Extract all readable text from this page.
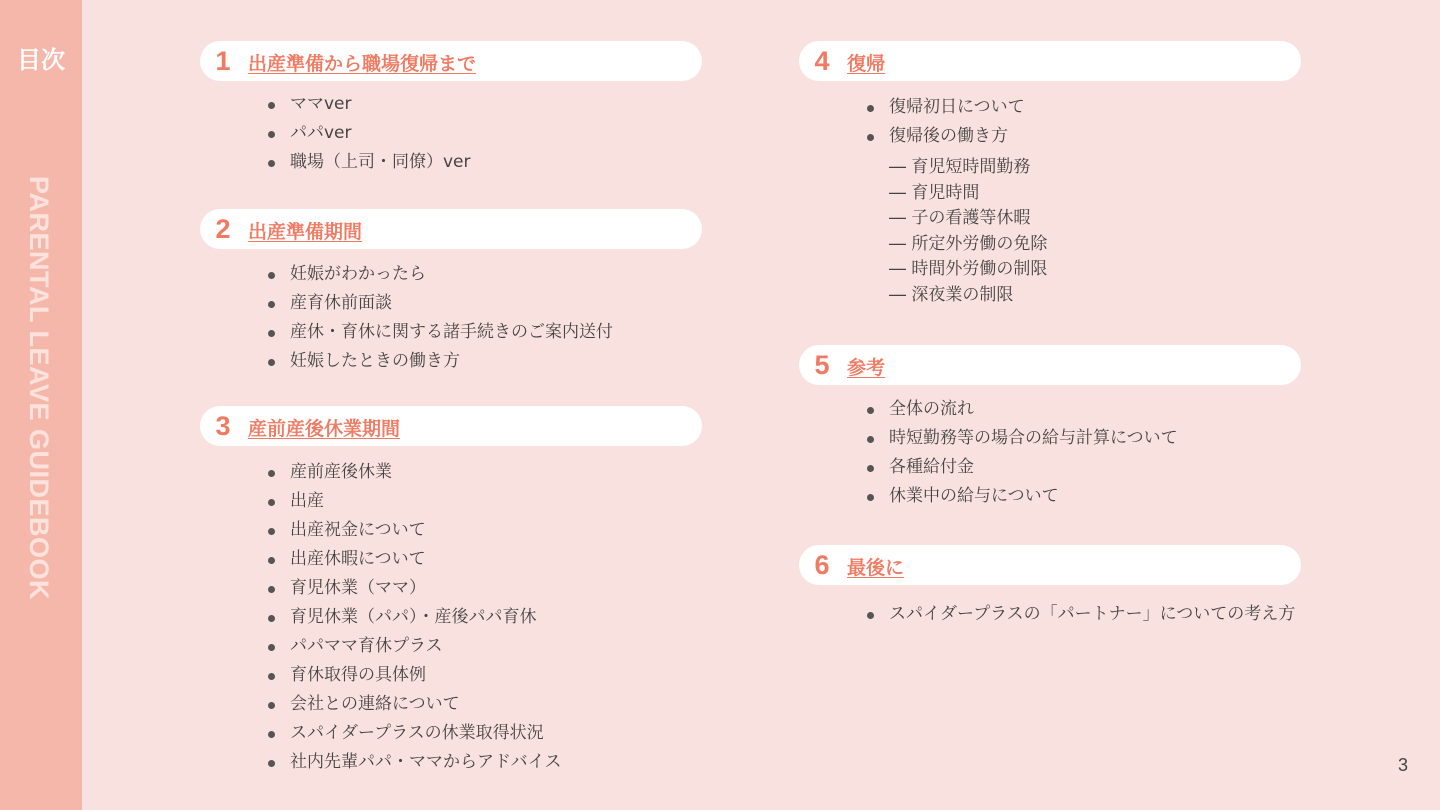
目次
PARENTAL LEAVE GUIDEBOOK
1 出産準備から職場復帰まで
ママver
パパver
職場（上司・同僚）ver
2 出産準備期間
妊娠がわかったら
産育休前面談
産休・育休に関する諸手続きのご案内送付
妊娠したときの働き方
3 産前産後休業期間
産前産後休業
出産
出産祝金について
出産休暇について
育児休業（ママ）
育児休業（パパ）・産後パパ育休
パパママ育休プラス
育休取得の具体例
会社との連絡について
スパイダープラスの休業取得状況
社内先輩パパ・ママからアドバイス
4 復帰
復帰初日について
復帰後の働き方
― 育児短時間勤務
― 育児時間
― 子の看護等休暇
― 所定外労働の免除
― 時間外労働の制限
― 深夜業の制限
5 参考
全体の流れ
時短勤務等の場合の給与計算について
各種給付金
休業中の給与について
6 最後に
スパイダープラスの「パートナー」についての考え方
3
